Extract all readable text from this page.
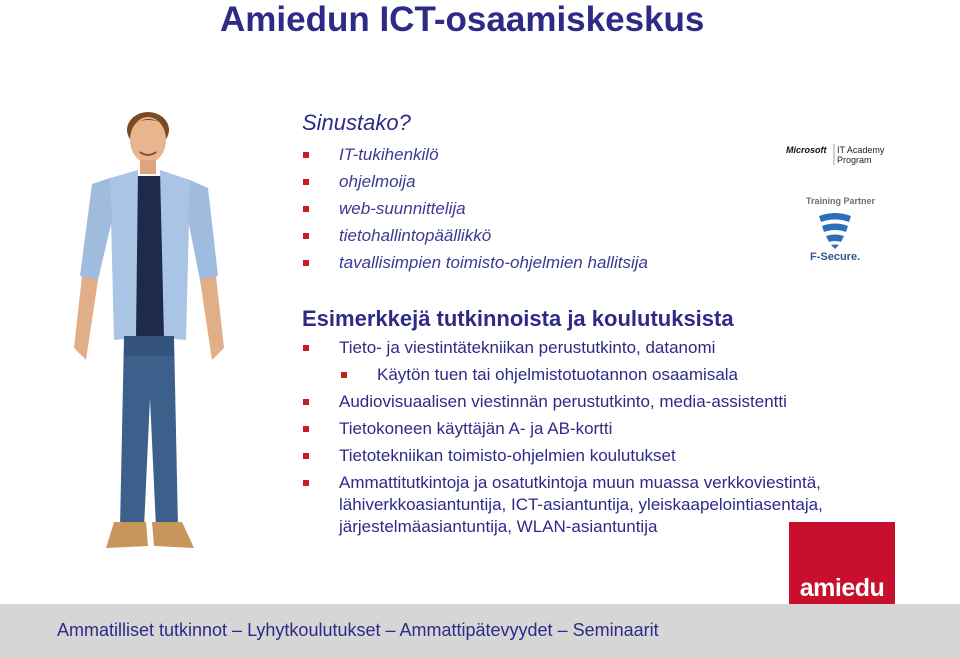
Amiedun ICT-osaamiskeskus
Sinustako?
IT-tukihenkilö
ohjelmoija
web-suunnittelija
tietohallintopäällikkö
tavallisimpien toimisto-ohjelmien hallitsija
Esimerkkejä tutkinnoista ja koulutuksista
Tieto- ja viestintätekniikan perustutkinto, datanomi
Käytön tuen tai ohjelmistotuotannon osaamisala
Audiovisuaalisen viestinnän perustutkinto, media-assistentti
Tietokoneen käyttäjän A- ja AB-kortti
Tietotekniikan toimisto-ohjelmien koulutukset
Ammattitutkintoja ja osatutkintoja muun muassa verkkoviestintä, lähiverkkoasiantuntija, ICT-asiantuntija, yleiskaapelointiasentaja, järjestelmäasiantuntija, WLAN-asiantuntija
Microsoft IT Academy
Program
Training Partner
F-Secure.
amiedu
Ammatilliset tutkinnot – Lyhytkoulutukset – Ammattipätevyydet – Seminaarit
